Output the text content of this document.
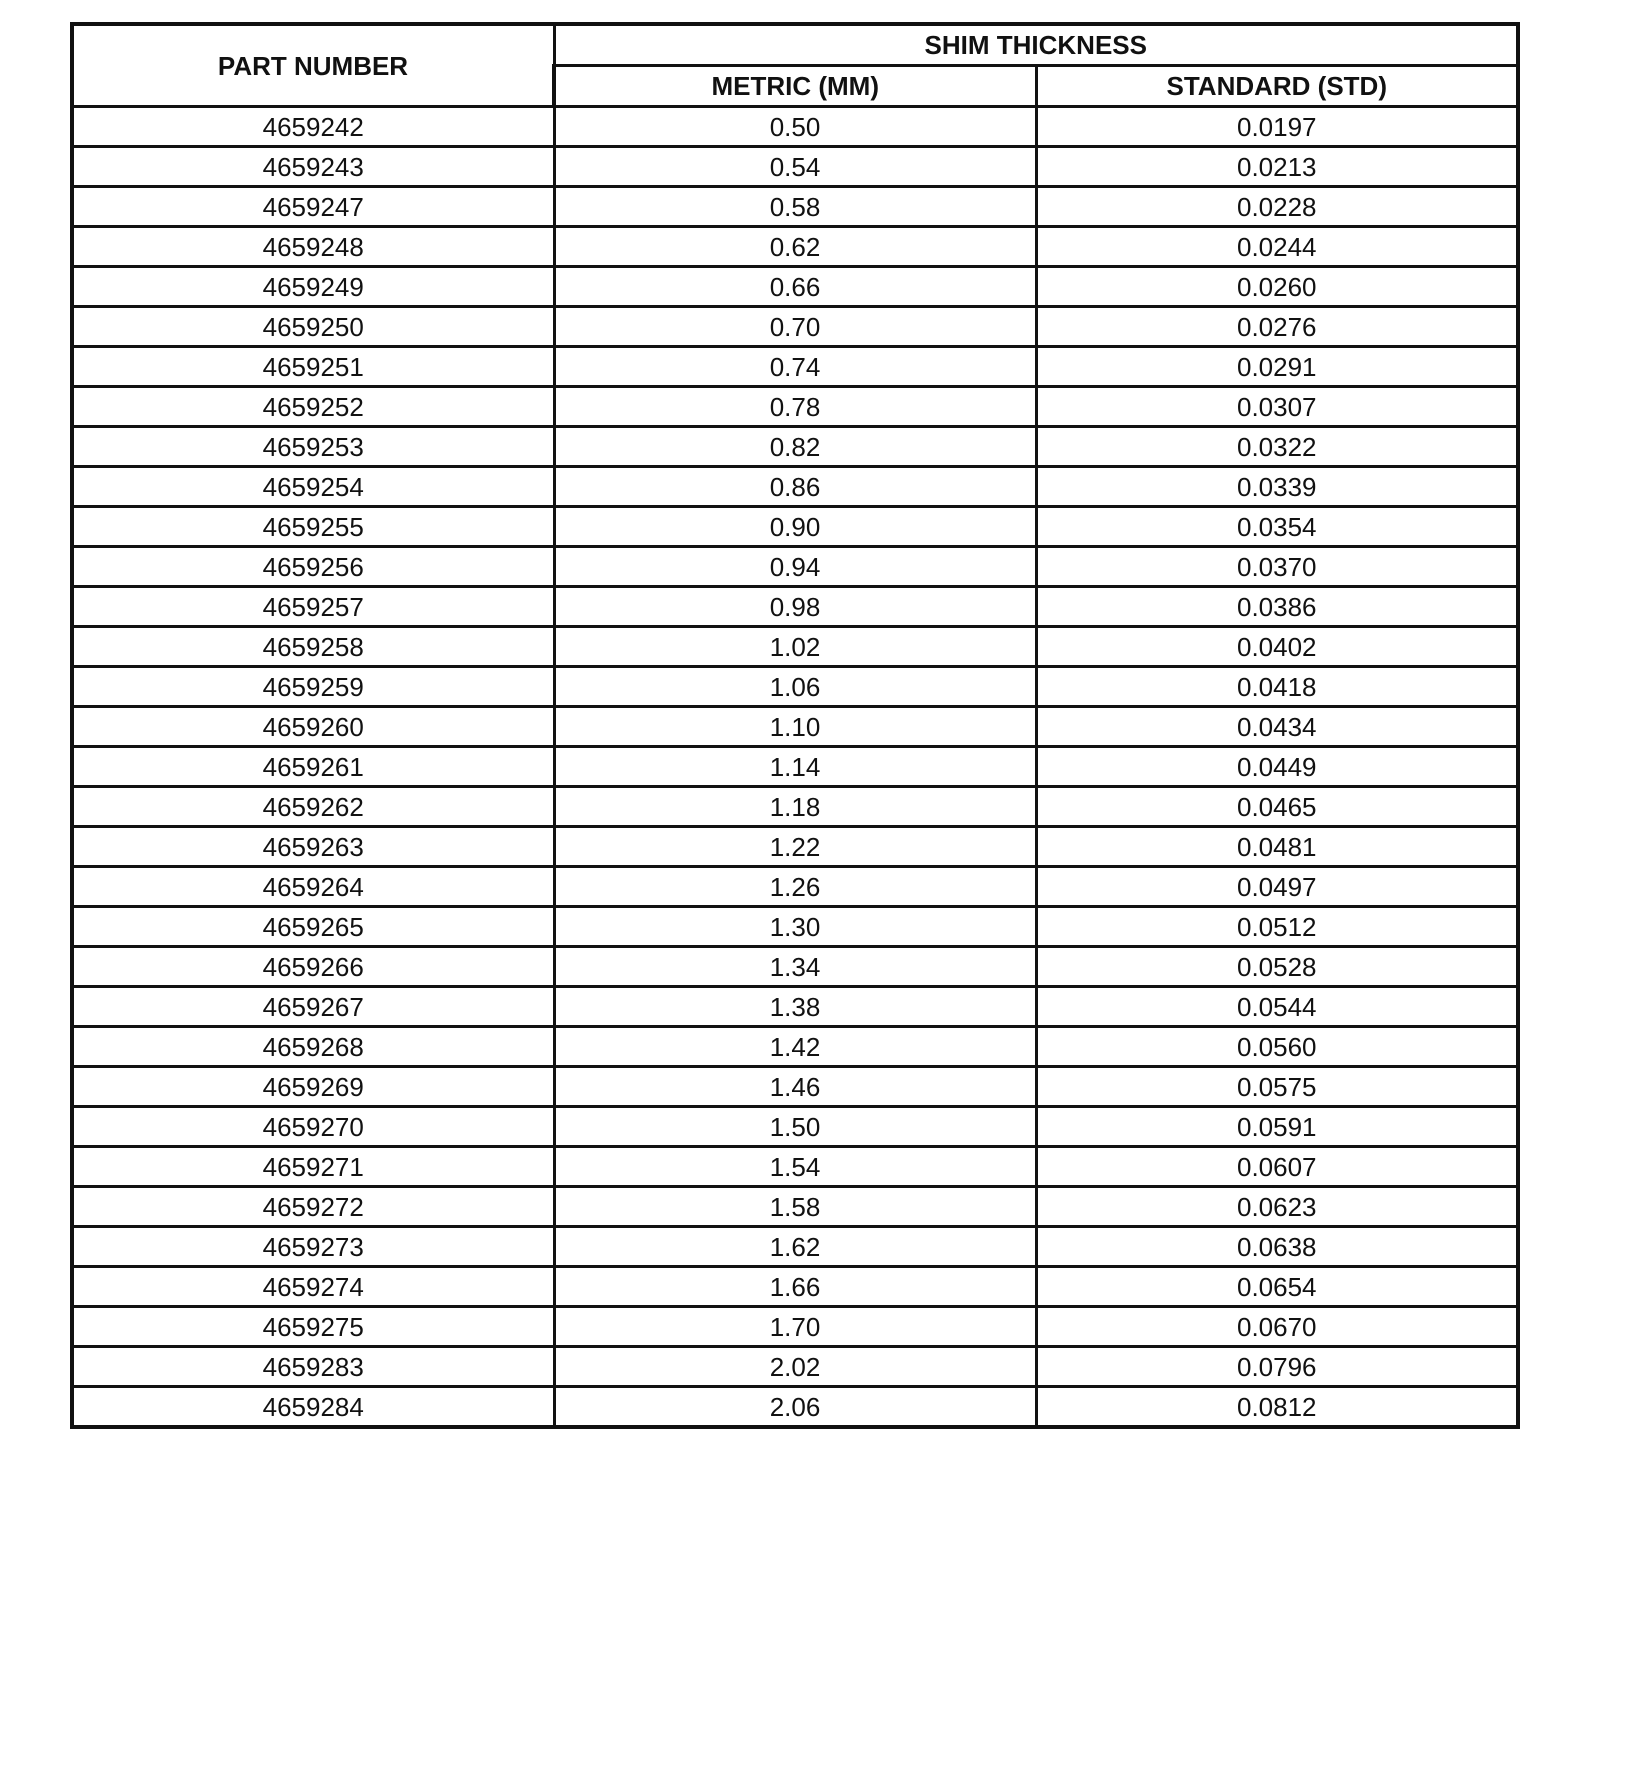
PART NUMBER	SHIM THICKNESS	
	METRIC (MM)	STANDARD (STD)
4659242	0.50	0.0197
4659243	0.54	0.0213
4659247	0.58	0.0228
4659248	0.62	0.0244
4659249	0.66	0.0260
4659250	0.70	0.0276
4659251	0.74	0.0291
4659252	0.78	0.0307
4659253	0.82	0.0322
4659254	0.86	0.0339
4659255	0.90	0.0354
4659256	0.94	0.0370
4659257	0.98	0.0386
4659258	1.02	0.0402
4659259	1.06	0.0418
4659260	1.10	0.0434
4659261	1.14	0.0449
4659262	1.18	0.0465
4659263	1.22	0.0481
4659264	1.26	0.0497
4659265	1.30	0.0512
4659266	1.34	0.0528
4659267	1.38	0.0544
4659268	1.42	0.0560
4659269	1.46	0.0575
4659270	1.50	0.0591
4659271	1.54	0.0607
4659272	1.58	0.0623
4659273	1.62	0.0638
4659274	1.66	0.0654
4659275	1.70	0.0670
4659283	2.02	0.0796
4659284	2.06	0.0812
